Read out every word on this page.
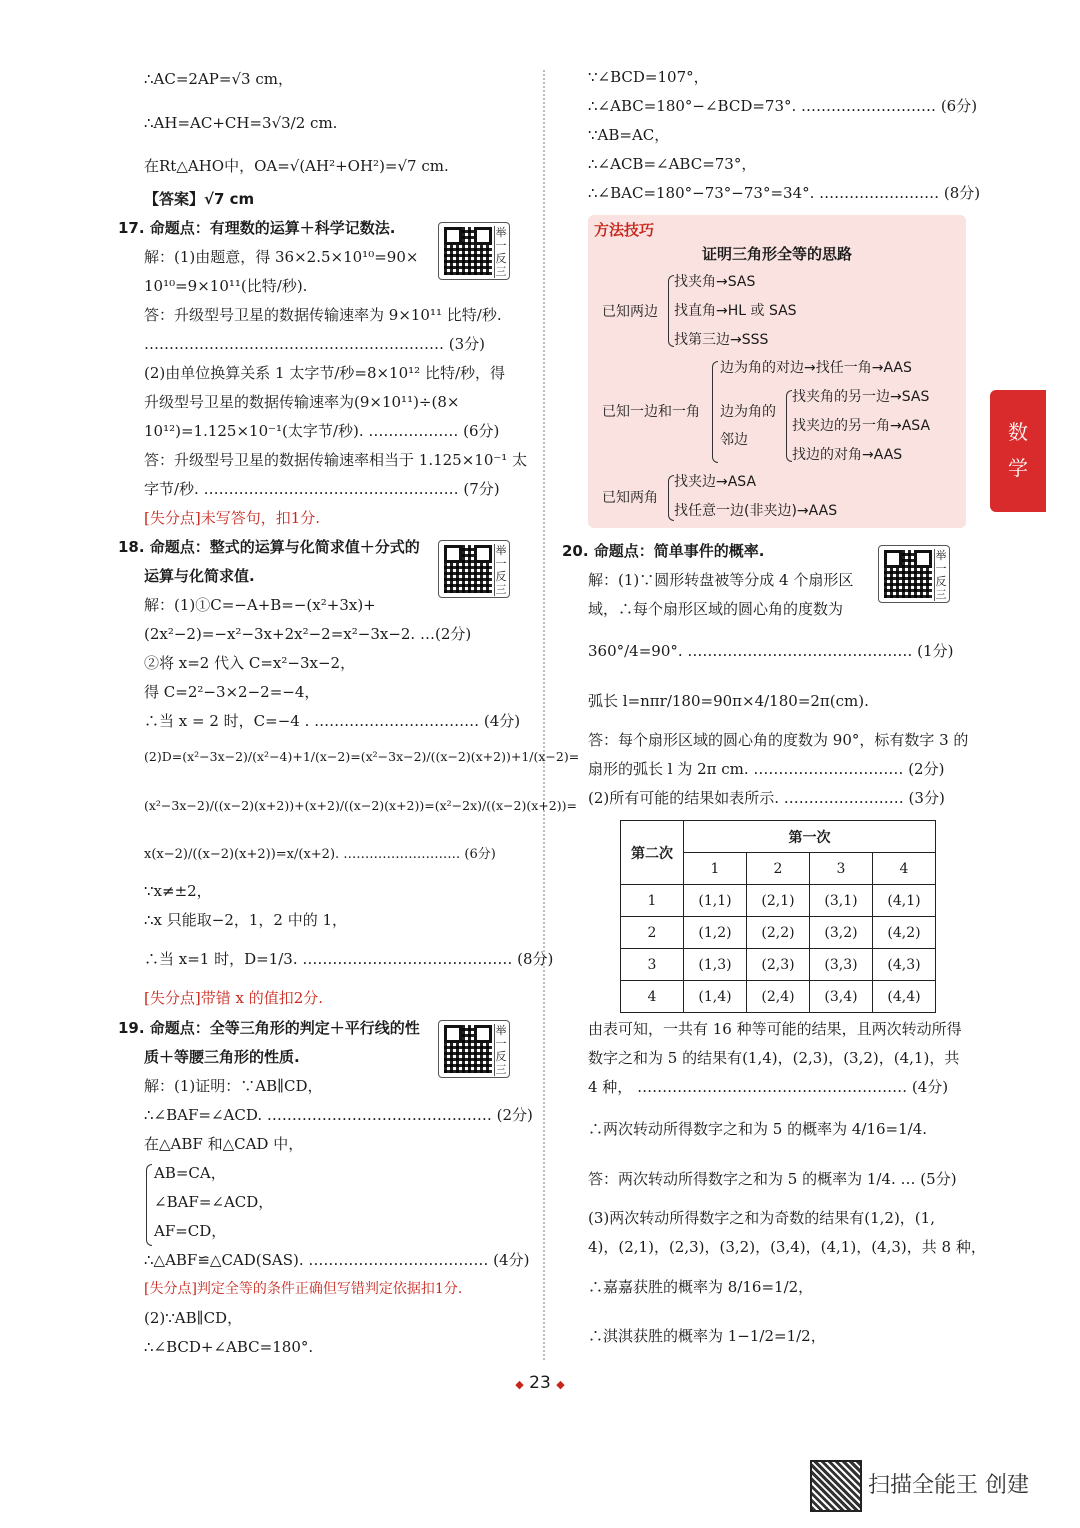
∴AC=2AP=√3 cm，
∴AH=AC+CH=3√3/2 cm.
在Rt△AHO中，OA=√(AH²+OH²)=√7 cm.
【答案】√7 cm
17. 命题点：有理数的运算＋科学记数法.
解：(1)由题意，得 36×2.5×10¹⁰=90×
10¹⁰=9×10¹¹(比特/秒).
答：升级型号卫星的数据传输速率为 9×10¹¹ 比特/秒.
…………………………………………………… (3分)
(2)由单位换算关系 1 太字节/秒=8×10¹² 比特/秒，得
升级型号卫星的数据传输速率为(9×10¹¹)÷(8×
10¹²)=1.125×10⁻¹(太字节/秒). ……………… (6分)
答：升级型号卫星的数据传输速率相当于 1.125×10⁻¹ 太
字节/秒. …………………………………………… (7分)
[失分点]未写答句，扣1分.
18. 命题点：整式的运算与化简求值＋分式的
运算与化简求值.
解：(1)①C=−A+B=−(x²+3x)+
(2x²−2)=−x²−3x+2x²−2=x²−3x−2. …(2分)
②将 x=2 代入 C=x²−3x−2，
得 C=2²−3×2−2=−4，
∴当 x = 2 时，C=−4 . …………………………… (4分)
(2)D=(x²−3x−2)/(x²−4)+1/(x−2)=(x²−3x−2)/((x−2)(x+2))+1/(x−2)=
(x²−3x−2)/((x−2)(x+2))+(x+2)/((x−2)(x+2))=(x²−2x)/((x−2)(x+2))=
x(x−2)/((x−2)(x+2))=x/(x+2). ……………………… (6分)
∵x≠±2，
∴x 只能取−2，1，2 中的 1，
∴当 x=1 时，D=1/3. …………………………………… (8分)
[失分点]带错 x 的值扣2分.
19. 命题点：全等三角形的判定＋平行线的性
质＋等腰三角形的性质.
解：(1)证明：∵AB∥CD，
∴∠BAF=∠ACD. ……………………………………… (2分)
在△ABF 和△CAD 中，
AB=CA，
∠BAF=∠ACD，
AF=CD，
∴△ABF≌△CAD(SAS). ……………………………… (4分)
[失分点]判定全等的条件正确但写错判定依据扣1分.
(2)∵AB∥CD，
∴∠BCD+∠ABC=180°.
举一反三
举一反三
举一反三
举一反三
∵∠BCD=107°，
∴∠ABC=180°−∠BCD=73°. ……………………… (6分)
∵AB=AC，
∴∠ACB=∠ABC=73°，
∴∠BAC=180°−73°−73°=34°. …………………… (8分)
方法技巧
证明三角形全等的思路
已知两边
找夹角→SAS
找直角→HL 或 SAS
找第三边→SSS
已知一边和一角
边为角的对边→找任一角→AAS
边为角的
邻边
找夹角的另一边→SAS
找夹边的另一角→ASA
找边的对角→AAS
已知两角
找夹边→ASA
找任意一边(非夹边)→AAS
20. 命题点：简单事件的概率.
解：(1)∵圆形转盘被等分成 4 个扇形区
域，∴每个扇形区域的圆心角的度数为
360°/4=90°. ……………………………………… (1分)
弧长 l=nπr/180=90π×4/180=2π(cm).
答：每个扇形区域的圆心角的度数为 90°，标有数字 3 的
扇形的弧长 l 为 2π cm. ………………………… (2分)
(2)所有可能的结果如表所示. …………………… (3分)
第二次	第一次			
	1	2	3	4
1	(1,1)	(2,1)	(3,1)	(4,1)
2	(1,2)	(2,2)	(3,2)	(4,2)
3	(1,3)	(2,3)	(3,3)	(4,3)
4	(1,4)	(2,4)	(3,4)	(4,4)
由表可知，一共有 16 种等可能的结果，且两次转动所得
数字之和为 5 的结果有(1,4)，(2,3)，(3,2)，(4,1)，共
4 种， ……………………………………………… (4分)
∴两次转动所得数字之和为 5 的概率为 4/16=1/4.
答：两次转动所得数字之和为 5 的概率为 1/4. … (5分)
(3)两次转动所得数字之和为奇数的结果有(1,2)，(1,
4)，(2,1)，(2,3)，(3,2)，(3,4)，(4,1)，(4,3)，共 8 种，
∴嘉嘉获胜的概率为 8/16=1/2，
∴淇淇获胜的概率为 1−1/2=1/2，
数
学
◆ 23 ◆
扫描全能王 创建
